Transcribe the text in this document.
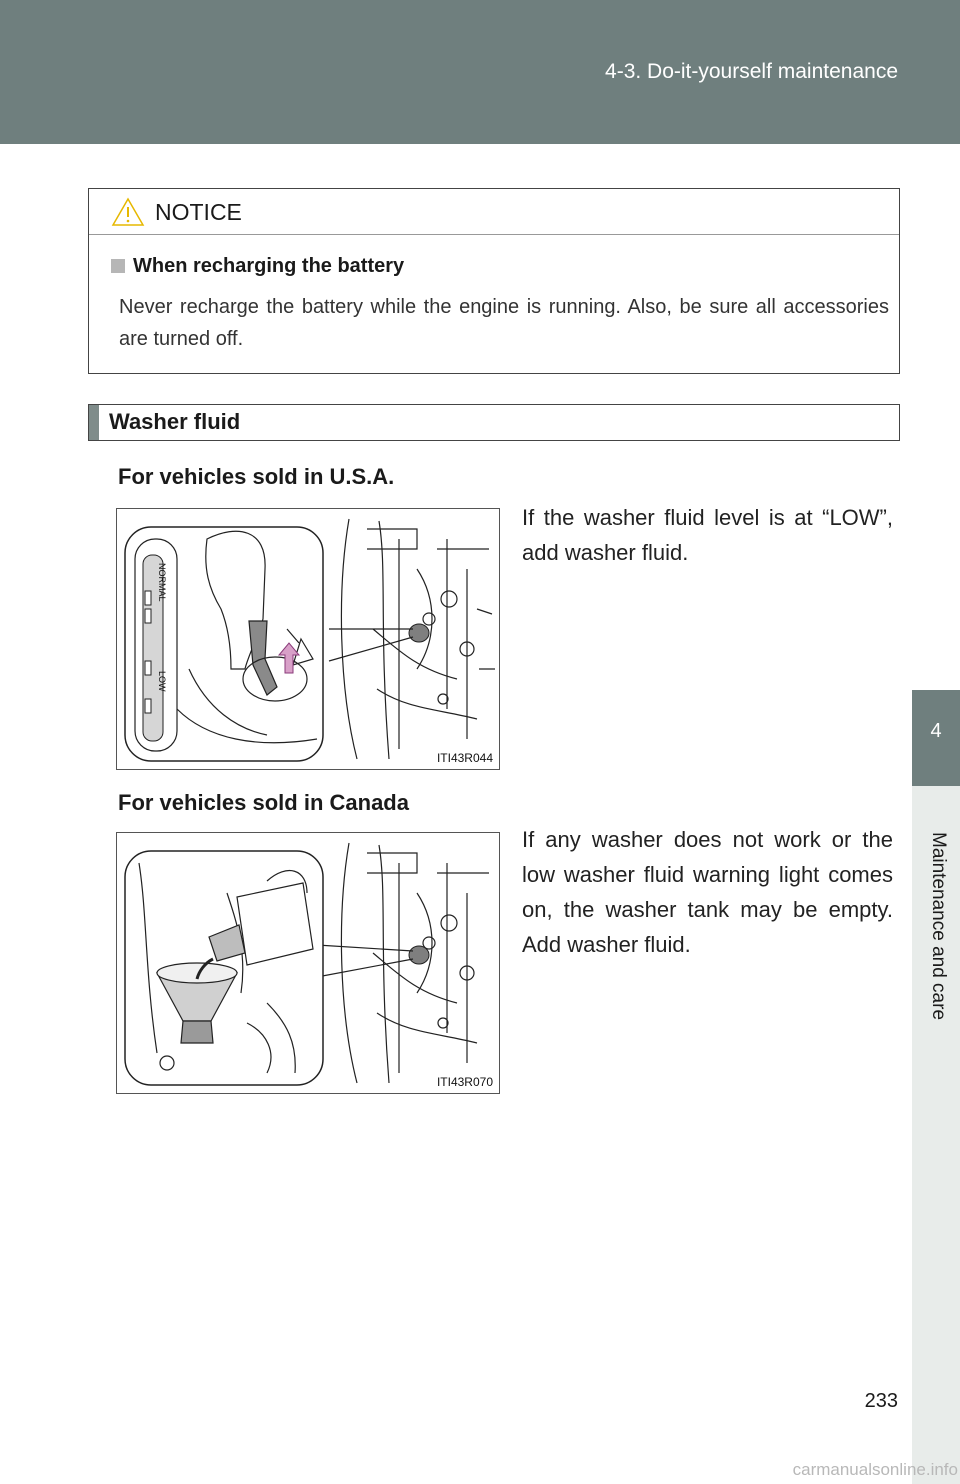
4-3. Do-it-yourself maintenance
4
Maintenance and care
NOTICE
When recharging the battery
Never recharge the battery while the engine is running. Also, be sure all accessories are turned off.
Washer fluid
For vehicles sold in U.S.A.
NORMAL
LOW
ITI43R044
If the washer fluid level is at “LOW”, add washer fluid.
For vehicles sold in Canada
ITI43R070
If any washer does not work or the low washer fluid warning light comes on, the washer tank may be empty. Add washer fluid.
233
carmanualsonline.info
